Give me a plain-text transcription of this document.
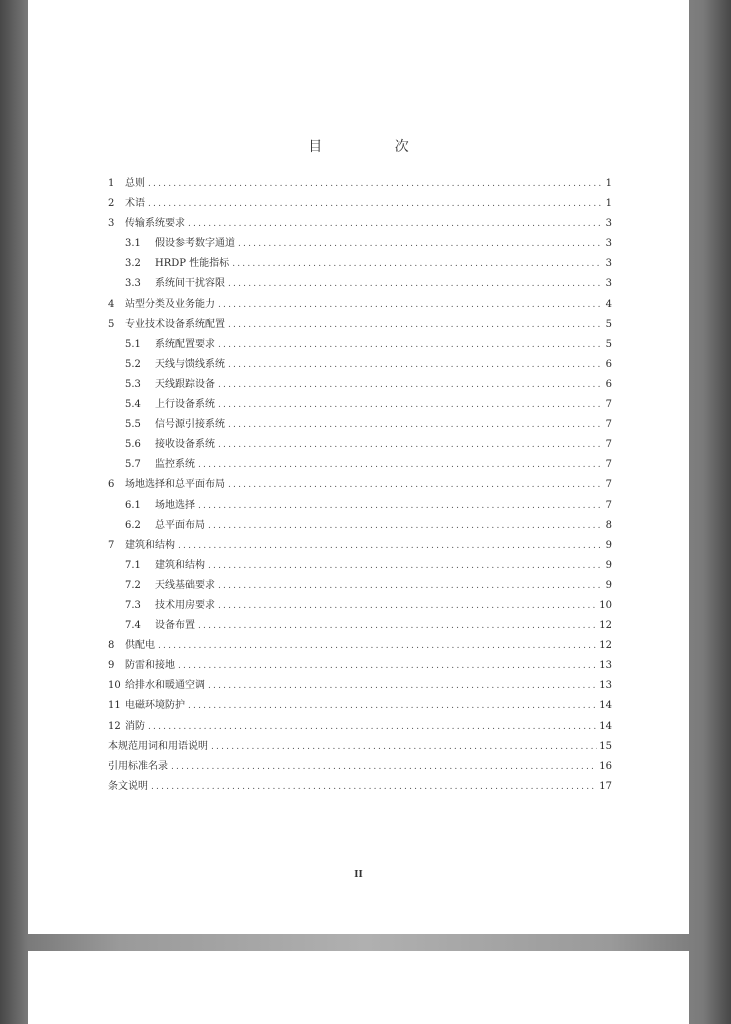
目 次
1	总则 .....	1
2	术语 .....	1
3	传输系统要求 .....	3
3.1	假设参考数字通道 .....	3
3.2	HRDP 性能指标 .....	3
3.3	系统间干扰容限 .....	3
4	站型分类及业务能力 .....	4
5	专业技术设备系统配置 .....	5
5.1	系统配置要求 .....	5
5.2	天线与馈线系统 .....	6
5.3	天线跟踪设备 .....	6
5.4	上行设备系统 .....	7
5.5	信号源引接系统 .....	7
5.6	接收设备系统 .....	7
5.7	监控系统 .....	7
6	场地选择和总平面布局 .....	7
6.1	场地选择 .....	7
6.2	总平面布局 .....	8
7	建筑和结构 .....	9
7.1	建筑和结构 .....	9
7.2	天线基础要求 .....	9
7.3	技术用房要求 .....	10
7.4	设备布置 .....	12
8	供配电 .....	12
9	防雷和接地 .....	13
10 给排水和暖通空调 .....	13
11 电磁环境防护 .....	14
12 消防 .....	14
本规范用词和用语说明 .....	15
引用标准名录 .....	16
条文说明 .....	17
II
